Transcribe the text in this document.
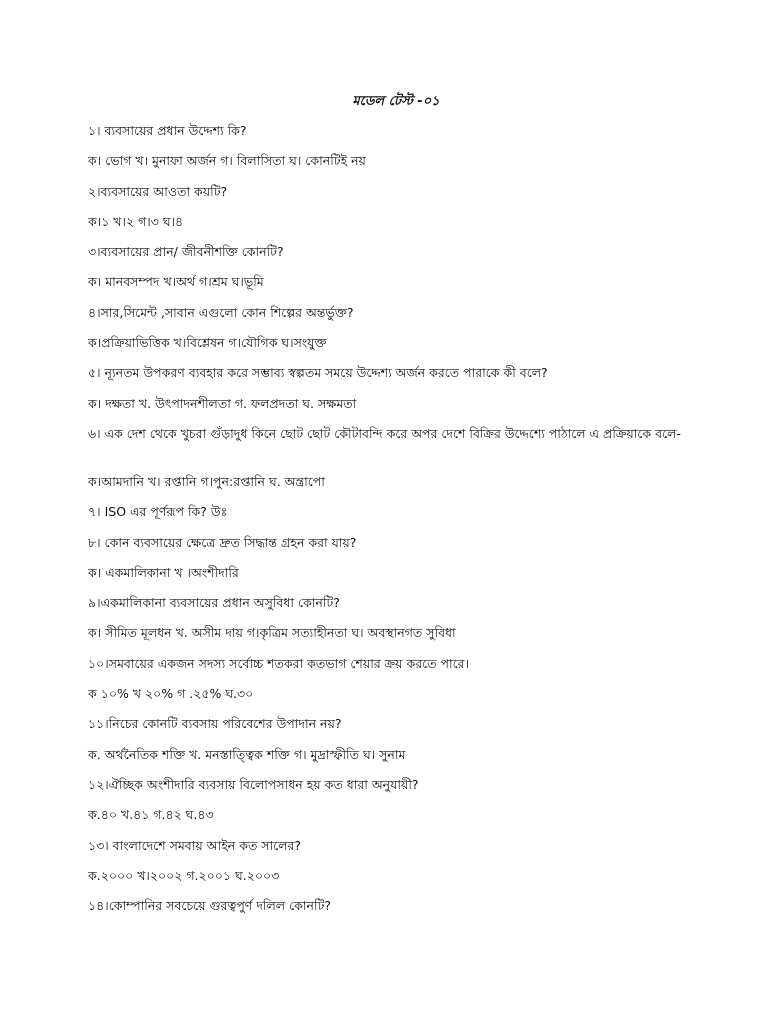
মডেল টেস্ট -০১
১। ব্যবসায়ের প্রধান উদ্দেশ্য কি?
ক। ভোগ খ। মুনাফা অর্জন গ। বিলাসিতা ঘ। কোনটিই নয়
২।ব্যবসায়ের আওতা কয়টি?
ক।১ খ।২ গ।৩ ঘ।৪
৩।ব্যবসায়ের প্রান/ জীবনীশক্তি কোনটি?
ক। মানবসম্পদ খ।অর্থ গ।শ্রম ঘ।ভূমি
৪।সার,সিমেন্ট ,সাবান এগুলো কোন শিল্পের অন্তর্ভুক্ত?
ক।প্রক্রিয়াভিত্তিক খ।বিশ্লেষন গ।যৌগিক ঘ।সংযুক্ত
৫। ন্যূনতম উপকরণ ব্যবহার করে সম্ভাব্য স্বল্পতম সময়ে উদ্দেশ্য অর্জন করতে পারাকে কী বলে?
ক। দক্ষতা খ. উৎপাদনশীলতা গ. ফলপ্রদতা ঘ. সক্ষমতা
৬। এক দেশ থেকে খুচরা গুঁড়াদুধ কিনে ছোট ছোট কৌটাবন্দি করে অপর দেশে বিক্রির উদ্দেশ্যে পাঠালে এ প্রক্রিয়াকে বলে-
ক।আমদানি খ। রপ্তানি গ।পুন:রপ্তানি ঘ. অন্ত্রাপো
৭। ISO এর পূর্ণরূপ কি? উঃ
৮। কোন ব্যবসায়ের ক্ষেত্রে দ্রুত সিদ্ধান্ত গ্রহন করা যায়?
ক। একমালিকানা খ ।অংশীদারি
৯।একমালিকানা ব্যবসায়ের প্রধান অসুবিধা কোনটি?
ক। সীমিত মূলধন খ. অসীম দায় গ।কৃত্রিম সত্যাহীনতা ঘ। অবস্থানগত সুবিধা
১০।সমবায়ের একজন সদস্য সর্বোচ্চ শতকরা কতভাগ শেয়ার ক্রয় করতে পারে।
ক ১০% খ ২০% গ .২৫% ঘ.৩০
১১।নিচের কোনটি ব্যবসায় পরিবেশের উপাদান নয়?
ক. অর্থনৈতিক শক্তি খ. মনস্তাত্ত্বিক শক্তি গ। মুদ্রাস্ফীতি ঘ। সুনাম
১২।ঐচ্ছিক অংশীদারি ব্যবসায় বিলোপসাধন হয় কত ধারা অনুযায়ী?
ক.৪০ খ.৪১ গ.৪২ ঘ.৪৩
১৩। বাংলাদেশে সমবায় আইন কত সালের?
ক.২০০০ খ।২০০২ গ.২০০১ ঘ.২০০৩
১৪।কোম্পানির সবচেয়ে গুরত্বপুর্ণ দলিল কোনটি?
